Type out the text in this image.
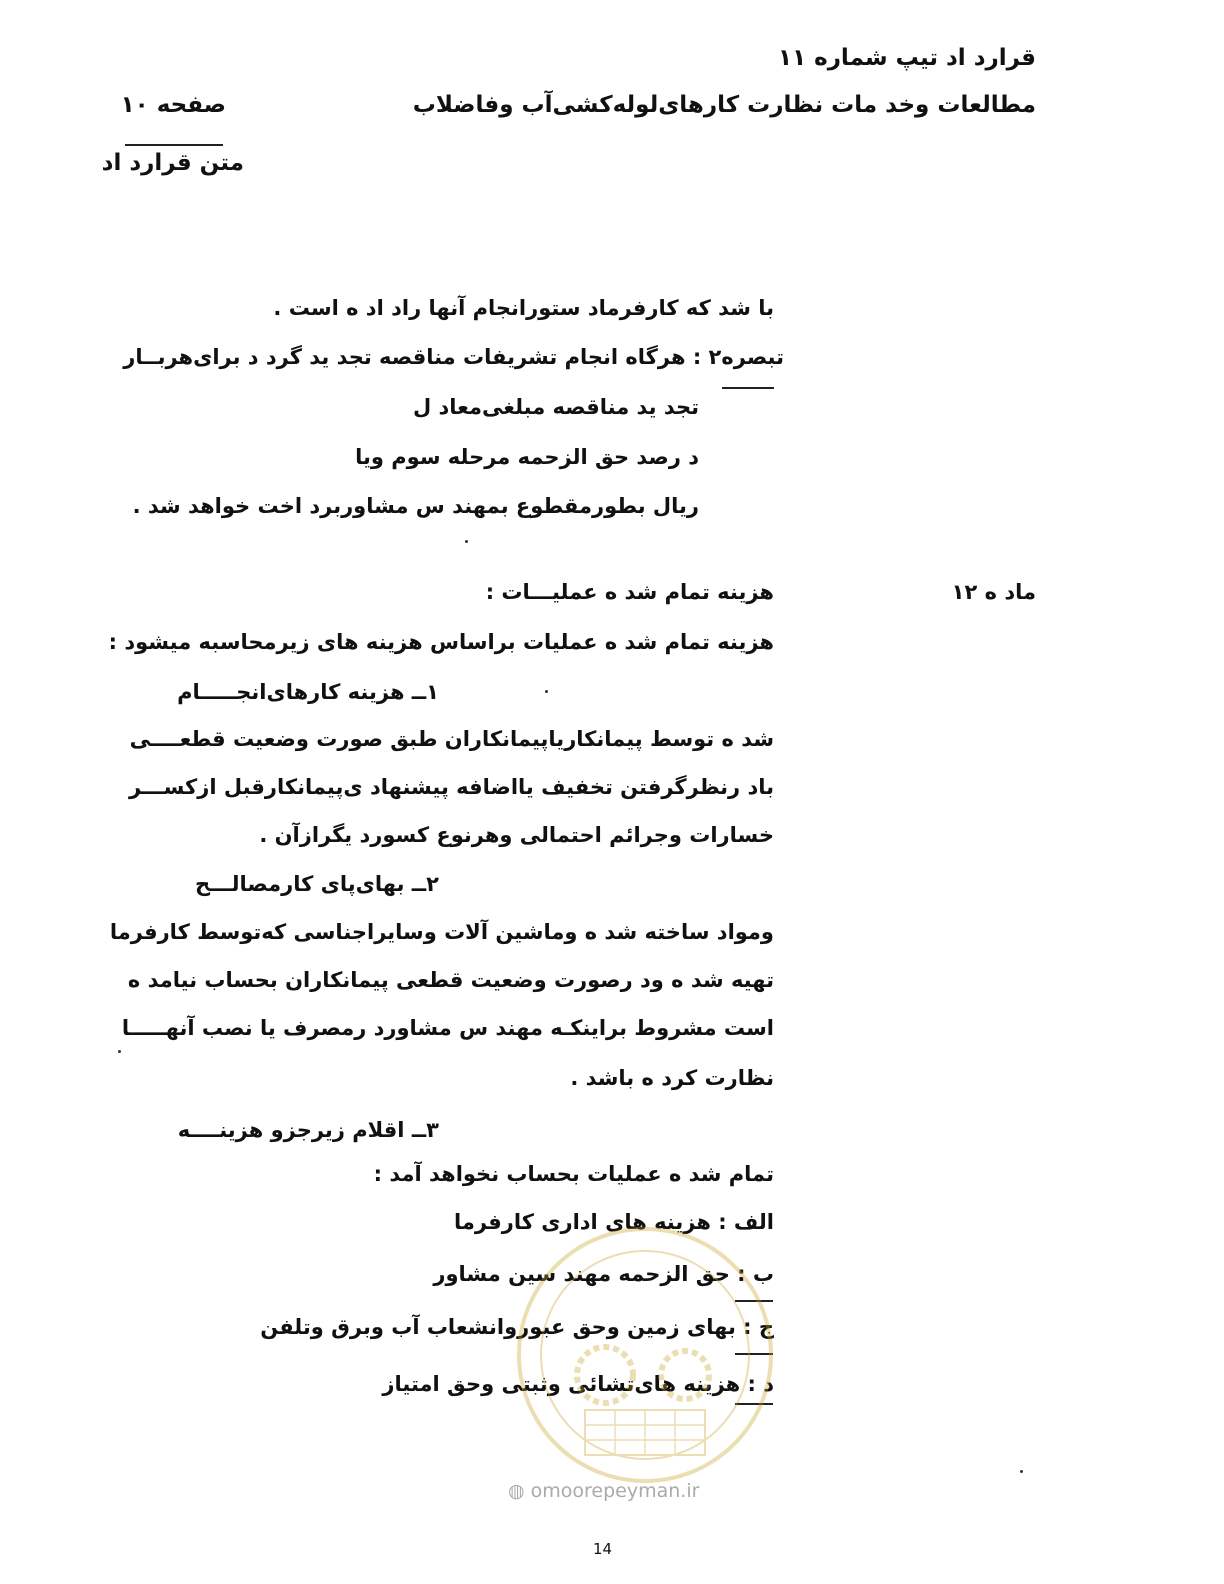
قرارد اد تیپ شماره ۱۱
مطالعات وخد مات نظارت کارهای‌لوله‌کشی‌آب وفاضلاب
صفحه ۱۰
متن قرارد اد
با شد که کارفرماد ستورانجام آنها راد اد ه است .
تبصره۲ : هرگاه انجام تشریفات مناقصه تجد ید گرد د برای‌هربــار
تجد ید مناقصه مبلغی‌معاد ل
د رصد حق الزحمه مرحله سوم ویا
ریال بطورمقطوع بمهند س مشاوربرد اخت خواهد شد .
ماد ه ۱۲
هزینه تمام شد ه عملیـــات :
هزینه تمام شد ه عملیات براساس هزینه های زیرمحاسبه میشود :
۱ــ هزینه کارهای‌انجـــــام
شد ه توسط پیمانکاریاپیمانکاران طبق صورت وضعیت قطعــــی
باد رنظرگرفتن تخفیف یااضافه پیشنهاد ی‌پیمانکارقبل ازکســـر
خسارات وجرائم احتمالی وهرنوع کسورد یگرازآن .
۲ــ بهای‌پای کارمصالـــح
ومواد ساخته شد ه وماشین آلات وسایراجناسی کەتوسط کارفرما
تهیه شد ه ود رصورت وضعیت قطعی پیمانکاران بحساب نیامد ه
است مشروط براینکـه مهند س مشاورد رمصرف یا نصب آنهـــــا
نظارت کرد ه باشد .
۳ــ اقلام زیرجزو هزینــــه
تمام شد ه عملیات بحساب نخواهد آمد :
الف : هزینه های اداری کارفرما
ب : حق الزحمه مهند سین مشاور
ج : بهای زمین وحق عبوروانشعاب آب وبرق وتلفن
د : هزینه های‌تشائی وثبتی وحق امتیاز
◍ omoorepeyman.ir
14
